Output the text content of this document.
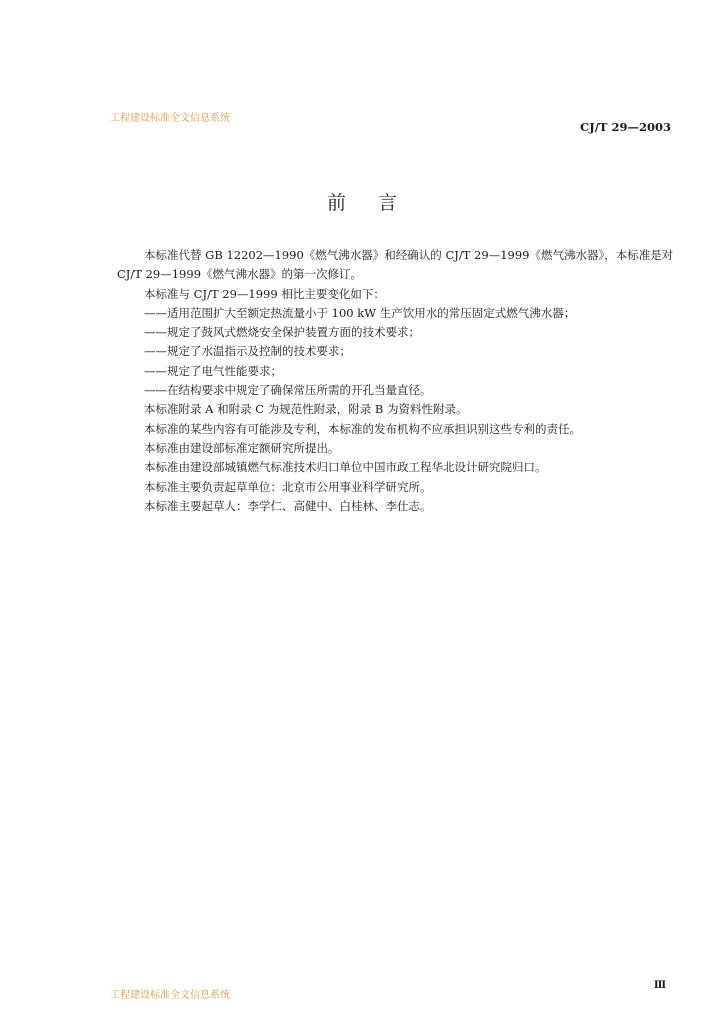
工程建设标准全文信息系统
CJ/T 29—2003
前言

本标准代替 GB 12202—1990《燃气沸水器》和经确认的 CJ/T 29—1999《燃气沸水器》，本标准是对

CJ/T 29—1999《燃气沸水器》的第一次修订。

本标准与 CJ/T 29—1999 相比主要变化如下：

——适用范围扩大至额定热流量小于 100 kW 生产饮用水的常压固定式燃气沸水器；

——规定了鼓风式燃烧安全保护装置方面的技术要求；

——规定了水温指示及控制的技术要求；

——规定了电气性能要求；

——在结构要求中规定了确保常压所需的开孔当量直径。

本标准附录 A 和附录 C 为规范性附录，附录 B 为资料性附录。

本标准的某些内容有可能涉及专利，本标准的发布机构不应承担识别这些专利的责任。

本标准由建设部标准定额研究所提出。

本标准由建设部城镇燃气标准技术归口单位中国市政工程华北设计研究院归口。

本标准主要负责起草单位：北京市公用事业科学研究所。

本标准主要起草人：李学仁、高健中、白桂林、李仕志。

工程建设标准全文信息系统
Ⅲ
